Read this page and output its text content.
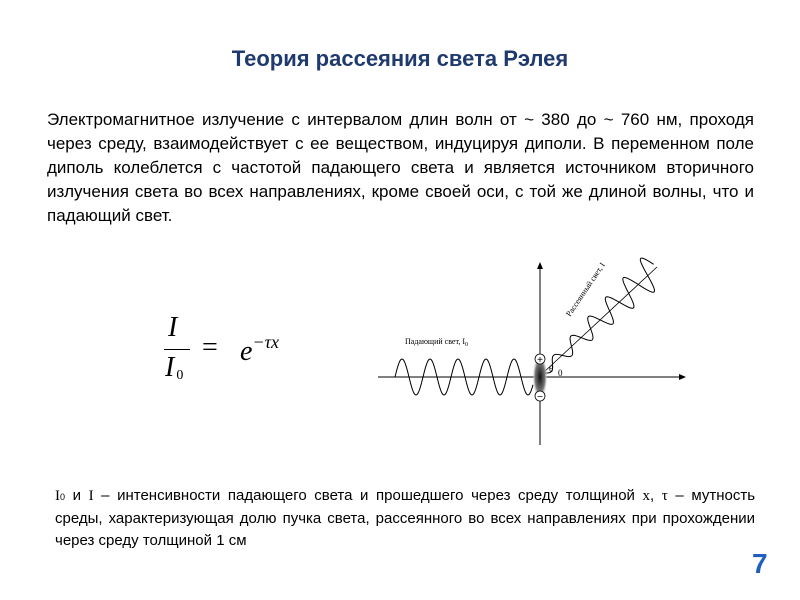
Теория рассеяния света Рэлея
Электромагнитное излучение с интервалом длин волн от ~ 380 до ~ 760 нм, проходя через среду, взаимодействует с ее веществом, индуцируя диполи. В переменном поле диполь колеблется с частотой падающего света и является источником вторичного излучения света во всех направлениях, кроме своей оси, с той же длиной волны, что и падающий свет.
I
I 0
= $e^{-\tau x}$
+
−
Падающий свет, $I_0$
Рассеянный свет, I
θ 0
I0 и I – интенсивности падающего света и прошедшего через среду толщиной x, τ – мутность среды, характеризующая долю пучка света, рассеянного во всех направлениях при прохождении через среду толщиной 1 см
7
